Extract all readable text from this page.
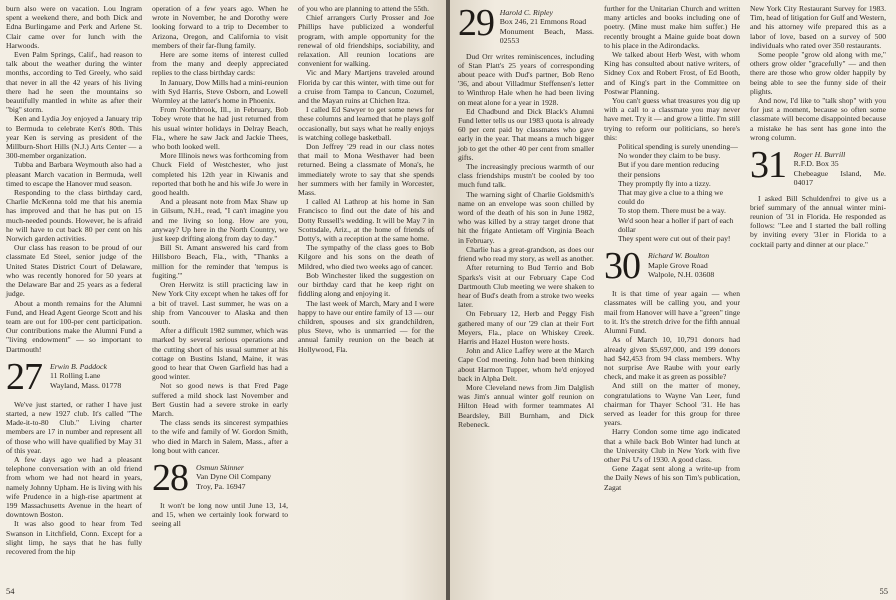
burn also were on vacation. Lou Ingram spent a weekend there, and both Dick and Edna Burlingame and Perk and Arlene St. Clair came over for lunch with the Harwoods.

Even Palm Springs, Calif., had reason to talk about the weather during the winter months, according to Ted Greely, who said that never in all the 42 years of his living there had he seen the mountains so beautifully mantled in white as after their "big" storm.

Ken and Lydia Joy enjoyed a January trip to Bermuda to celebrate Ken's 80th. This year Ken is serving as president of the Millburn-Short Hills (N.J.) Arts Center — a 300-member organization.

Tubba and Barbara Weymouth also had a pleasant March vacation in Bermuda, well timed to escape the Hanover mud season.

Responding to the class birthday card, Charlie McKenna told me that his anemia has improved and that he has put on 15 much-needed pounds. However, he is afraid he will have to cut back 80 per cent on his Norwich garden activities.

Our class has reason to be proud of our classmate Ed Steel, senior judge of the United States District Court of Delaware, who was recently honored for 50 years at the Delaware Bar and 25 years as a federal judge.

About a month remains for the Alumni Fund, and Head Agent George Scott and his team are out for 100-per cent participation. Our contributions make the Alumni Fund a "living endowment" — so important to Dartmouth!

27	Erwin B. Paddock
11 Rolling Lane
Wayland, Mass. 01778

We've just started, or rather I have just started, a new 1927 club. It's called "The Made-it-to-80 Club." Living charter members are 17 in number and represent all of those who will have qualified by May 31 of this year.

A few days ago we had a pleasant telephone conversation with an old friend from whom we had not heard in years, namely Johnny Upham. He is living with his wife Prudence in a high-rise apartment at 199 Massachusetts Avenue in the heart of downtown Boston.

It was also good to hear from Ted Swanson in Litchfield, Conn. Except for a slight limp, he says that he has fully recovered from the hip

operation of a few years ago. When he wrote in November, he and Dorothy were looking forward to a trip to December to Arizona, Oregon, and California to visit members of their far-flung family.

Here are some items of interest culled from the many and deeply appreciated replies to the class birthday cards:

In January, Dow Mills had a mini-reunion with Syd Harris, Steve Osborn, and Lowell Wormley at the latter's home in Phoenix.

From Northbrook, Ill., in February, Bob Tobey wrote that he had just returned from his usual winter holidays in Delray Beach, Fla., where he saw Jack and Jackie Thees, who both looked well.

More Illinois news was forthcoming from Chuck Field of Westchester, who just completed his 12th year in Kiwanis and reported that both he and his wife Jo were in good health.

And a pleasant note from Max Shaw up in Gilsum, N.H., read, "I can't imagine you and me living so long. How are you, anyway? Up here in the North Country, we just keep drifting along from day to day."

Bill St. Amant answered his card from Hillsboro Beach, Fla., with, "Thanks a million for the reminder that 'tempus is fugiting.'"

Oren Herwitz is still practicing law in New York City except when he takes off for a bit of travel. Last summer, he was on a ship from Vancouver to Alaska and then south.

After a difficult 1982 summer, which was marked by several serious operations and the cutting short of his usual summer at his cottage on Bustins Island, Maine, it was good to hear that Owen Garfield has had a good winter.

Not so good news is that Fred Page suffered a mild shock last November and Bert Gustin had a severe stroke in early March.

The class sends its sincerest sympathies to the wife and family of W. Gordon Smith, who died in March in Salem, Mass., after a long bout with cancer.

28	Osmun Skinner
Van Dyne Oil Company
Troy, Pa. 16947

It won't be long now until June 13, 14, and 15, when we certainly look forward to seeing all

of you who are planning to attend the 55th.

Chief arrangers Curly Prosser and Joe Phillips have publicized a wonderful program, with ample opportunity for the renewal of old friendships, sociability, and relaxation. All reunion locations are convenient for walking.

Vic and Mary Martjens traveled around Florida by car this winter, with time out for a cruise from Tampa to Cancun, Cozumel, and the Mayan ruins at Chichen Itza.

I called Ed Sawyer to get some news for these columns and learned that he plays golf occasionally, but says what he really enjoys is watching college basketball.

Don Jeffrey '29 read in our class notes that mail to Mona Westhaver had been returned. Being a classmate of Mona's, he immediately wrote to say that she spends her summers with her family in Worcester, Mass.

I called Al Lathrop at his home in San Francisco to find out the date of his and Dotty Russell's wedding. It will be May 7 in Scottsdale, Ariz., at the home of friends of Dotty's, with a reception at the same home.

The sympathy of the class goes to Bob Kilgore and his sons on the death of Mildred, who died two weeks ago of cancer.

Bob Winchester liked the suggestion on our birthday card that he keep right on fiddling along and enjoying it.

The last week of March, Mary and I were happy to have our entire family of 13 — our children, spouses and six grandchildren, plus Steve, who is unmarried — for the annual family reunion on the beach at Hollywood, Fla.

54
29 Harold C. Ripley
Box 246, 21 Emmons Road
Monument Beach, Mass. 02553

Dud Orr writes reminiscences, including of Stan Platt's 25 years of corresponding about peace with Dud's partner, Bob Reno '36, and about Villadmur Steffensen's letter to Winthrop Hale when he had been living on meat alone for a year in 1928.

Ed Chadbund and Dick Black's Alumni Fund letter tells us our 1983 quota is already 60 per cent paid by classmates who gave early in the year. That means a much bigger job to get the other 40 per cent from smaller gifts.

The increasingly precious warmth of our class friendships mustn't be cooled by too much fund talk.

The warning sight of Charlie Goldsmith's name on an envelope was soon chilled by word of the death of his son in June 1982, who was killed by a stray target drone that hit the frigate Antietam off Virginia Beach in February.

Charlie has a great-grandson, as does our friend who read my story, as well as another.

After returning to Bud Terrio and Bob Sparks's visit at our February Cape Cod Dartmouth Club meeting we were shaken to hear of Bud's death from a stroke two weeks later.

On February 12, Herb and Peggy Fish gathered many of our '29 clan at their Fort Meyers, Fla., place on Whiskey Creek. Harris and Hazel Huston were hosts.

John and Alice Laffey were at the March Cape Cod meeting. John had been thinking about Harmon Tupper, whom he'd enjoyed back in Alpha Delt.

More Cleveland news from Jim Dalglish was Jim's annual winter golf reunion on Hilton Head with former teammates Al Beardsley, Bill Burnham, and Dick Rebeneck.

further for the Unitarian Church and written many articles and books including one of poetry. (Mine must make him suffer.) He recently brought a Maine guide boat down to his place in the Adirondacks.

We talked about Herb West, with whom King has consulted about native writers, of Sidney Cox and Robert Frost, of Ed Booth, and of King's part in the Committee on Postwar Planning.

You can't guess what treasures you dig up with a call to a classmate you may never have met. Try it — and grow a little. I'm still trying to reform our politicians, so here's this:

Political spending is surely unending—

No wonder they claim to be busy.

But if you dare mention reducing

their pensions

They promptly fly into a tizzy.

That may give a clue to a thing we could do

To stop them. There must be a way.

We'd soon hear a holler if part of each dollar

They spent were cut out of their pay!

30	Richard W. Boulton
Maple Grove Road
Walpole, N.H. 03608

It is that time of year again — when classmates will be calling you, and your mail from Hanover will have a "green" tinge to it. It's the stretch drive for the fifth annual Alumni Fund.

As of March 10, 10,791 donors had already given $5,697,000, and 199 donors had $42,453 from 94 class members. Why not surprise Ave Raube with your early check, and make it as green as possible?

And still on the matter of money, congratulations to Wayne Van Leer, fund chairman for Thayer School '31. He has served as leader for this group for three years.

Harry Condon some time ago indicated that a while back Bob Winter had lunch at the University Club in New York with five other Psi U's of 1930. A good class.

Gene Zagat sent along a write-up from the Daily News of his son Tim's publication, Zagat

New York City Restaurant Survey for 1983. Tim, head of litigation for Gulf and Western, and his attorney wife prepared this as a labor of love, based on a survey of 500 individuals who rated over 350 restaurants.

Some people "grow old along with me," others grow older "gracefully" — and then there are those who grow older happily by being able to see the funny side of their plights.

And now, I'd like to "talk shop" with you for just a moment, because so often some classmate will become disappointed because a mistake he has sent has gone into the wrong column.

31 Roger H. Burrill
R.F.D. Box 35
Chebeague Island, Me. 04017

I asked Bill Schuldenfrei to give us a brief summary of the annual winter mini-reunion of '31 in Florida. He responded as follows: "Lee and I started the ball rolling by inviting every '31er in Florida to a cocktail party and dinner at our place."

55
